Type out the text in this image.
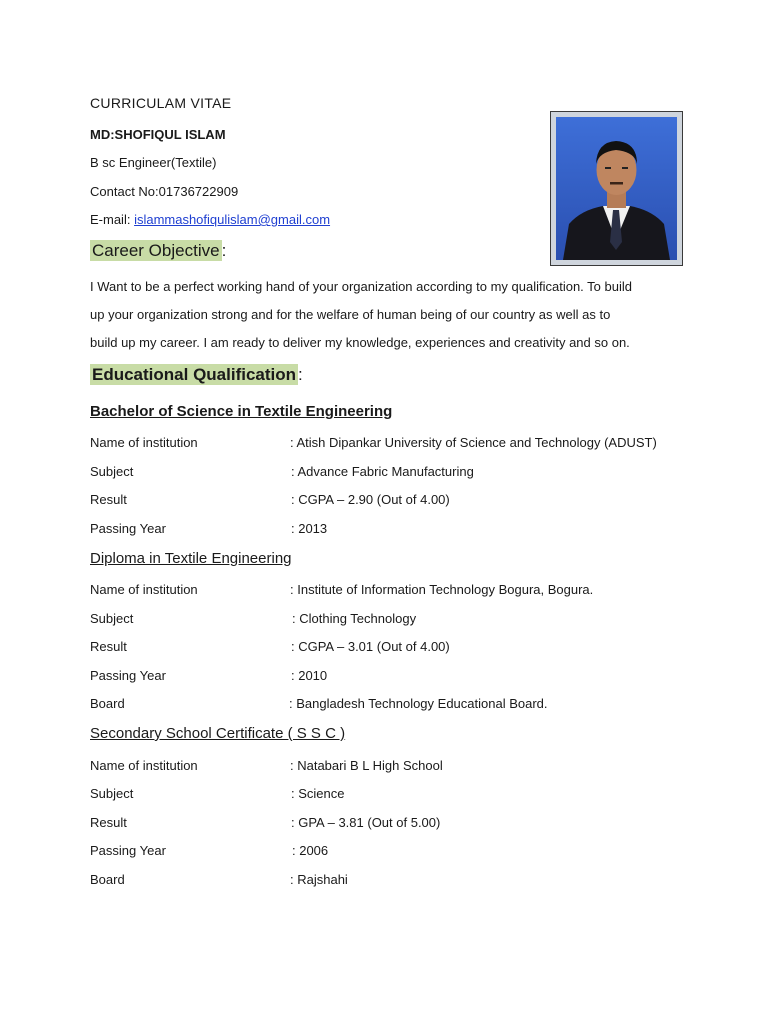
CURRICULAM VITAE
MD:SHOFIQUL ISLAM
B sc Engineer(Textile)
Contact No:01736722909
E-mail: islammashofiqulislam@gmail.com
Career Objective :
I Want to be a perfect working hand of your organization according to my qualification. To build
up your organization strong and for the welfare of human being of our country as well as to
build up my career. I am ready to deliver my knowledge, experiences and creativity and so on.
Educational Qualification :
Bachelor of Science in Textile Engineering
Name of institution	: Atish Dipankar University of Science and Technology (ADUST)
Subject	: Advance Fabric Manufacturing
Result	: CGPA – 2.90 (Out of 4.00)
Passing Year	: 2013
Diploma in Textile Engineering
Name of institution	: Institute of Information Technology Bogura, Bogura.
Subject	: Clothing Technology
Result	: CGPA – 3.01 (Out of 4.00)
Passing Year	: 2010
Board	: Bangladesh Technology Educational Board.
Secondary School Certificate ( S S C )
Name of institution	: Natabari B L High School
Subject	: Science
Result	: GPA – 3.81 (Out of 5.00)
Passing Year	: 2006
Board	: Rajshahi
